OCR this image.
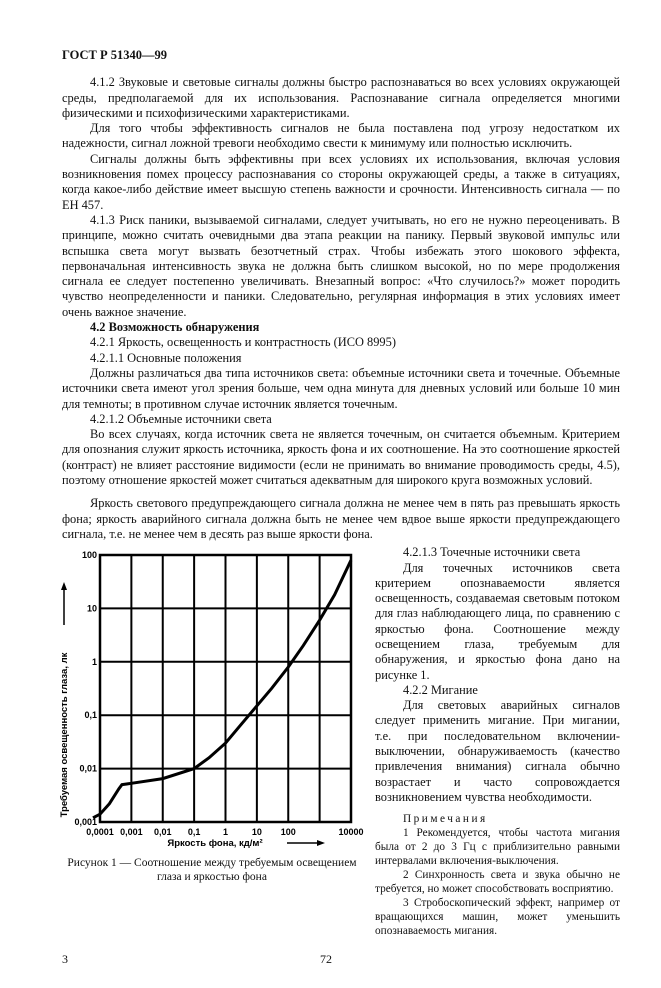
ГОСТ Р 51340—99

4.1.2 Звуковые и световые сигналы должны быстро распознаваться во всех условиях окружающей среды, предполагаемой для их использования. Распознавание сигнала определяется многими физическими и психофизическими характеристиками.

Для того чтобы эффективность сигналов не была поставлена под угрозу недостатком их надежности, сигнал ложной тревоги необходимо свести к минимуму или полностью исключить.

Сигналы должны быть эффективны при всех условиях их использования, включая условия возникновения помех процессу распознавания со стороны окружающей среды, а также в ситуациях, когда какое-либо действие имеет высшую степень важности и срочности. Интенсивность сигнала — по ЕН 457.

4.1.3 Риск паники, вызываемой сигналами, следует учитывать, но его не нужно переоценивать. В принципе, можно считать очевидными два этапа реакции на панику. Первый звуковой импульс или вспышка света могут вызвать безотчетный страх. Чтобы избежать этого шокового эффекта, первоначальная интенсивность звука не должна быть слишком высокой, но по мере продолжения сигнала ее следует постепенно увеличивать. Внезапный вопрос: «Что случилось?» может породить чувство неопределенности и паники. Следовательно, регулярная информация в этих условиях имеет очень важное значение.

4.2 Возможность обнаружения

4.2.1 Яркость, освещенность и контрастность (ИСО 8995)

4.2.1.1 Основные положения

Должны различаться два типа источников света: объемные источники света и точечные. Объемные источники света имеют угол зрения больше, чем одна минута для дневных условий или больше 10 мин для темноты; в противном случае источник является точечным.

4.2.1.2 Объемные источники света

Во всех случаях, когда источник света не является точечным, он считается объемным. Критерием для опознания служит яркость источника, яркость фона и их соотношение. На это соотношение яркостей (контраст) не влияет расстояние видимости (если не принимать во внимание проводимость среды, 4.5), поэтому отношение яркостей может считаться адекватным для широкого круга возможных условий.

Яркость светового предупреждающего сигнала должна не менее чем в пять раз превышать яркость фона; яркость аварийного сигнала должна быть не менее чем вдвое выше яркости предупреждающего сигнала, т.е. не менее чем в десять раз выше яркости фона.

0,0001 0,001 0,01 0,1	1	10 100	10000
0,001
0,01
0,1
1
10
100
Яркость фона, кд/м²
Требуемая освещенность глаза, лк
Рисунок 1 — Соотношение между требуемым освещением глаза и яркостью фона

4.2.1.3 Точечные источники света

Для точечных источников света критерием опознаваемости является освещенность, создаваемая световым потоком для глаз наблюдающего лица, по сравнению с яркостью фона. Соотношение между освещением глаза, требуемым для обнаружения, и яркостью фона дано на рисунке 1.

4.2.2 Мигание

Для световых аварийных сигналов следует применить мигание. При мигании, т.е. при последовательном включении-выключении, обнаруживаемость (качество привлечения внимания) сигнала обычно возрастает и часто сопровождается возникновением чувства необходимости.

Примечания

1 Рекомендуется, чтобы частота мигания была от 2 до 3 Гц с приблизительно равными интервалами включения-выключения.

2 Синхронность света и звука обычно не требуется, но может способствовать восприятию.

3 Стробоскопический эффект, например от вращающихся машин, может уменьшить опознаваемость мигания.

3	72
